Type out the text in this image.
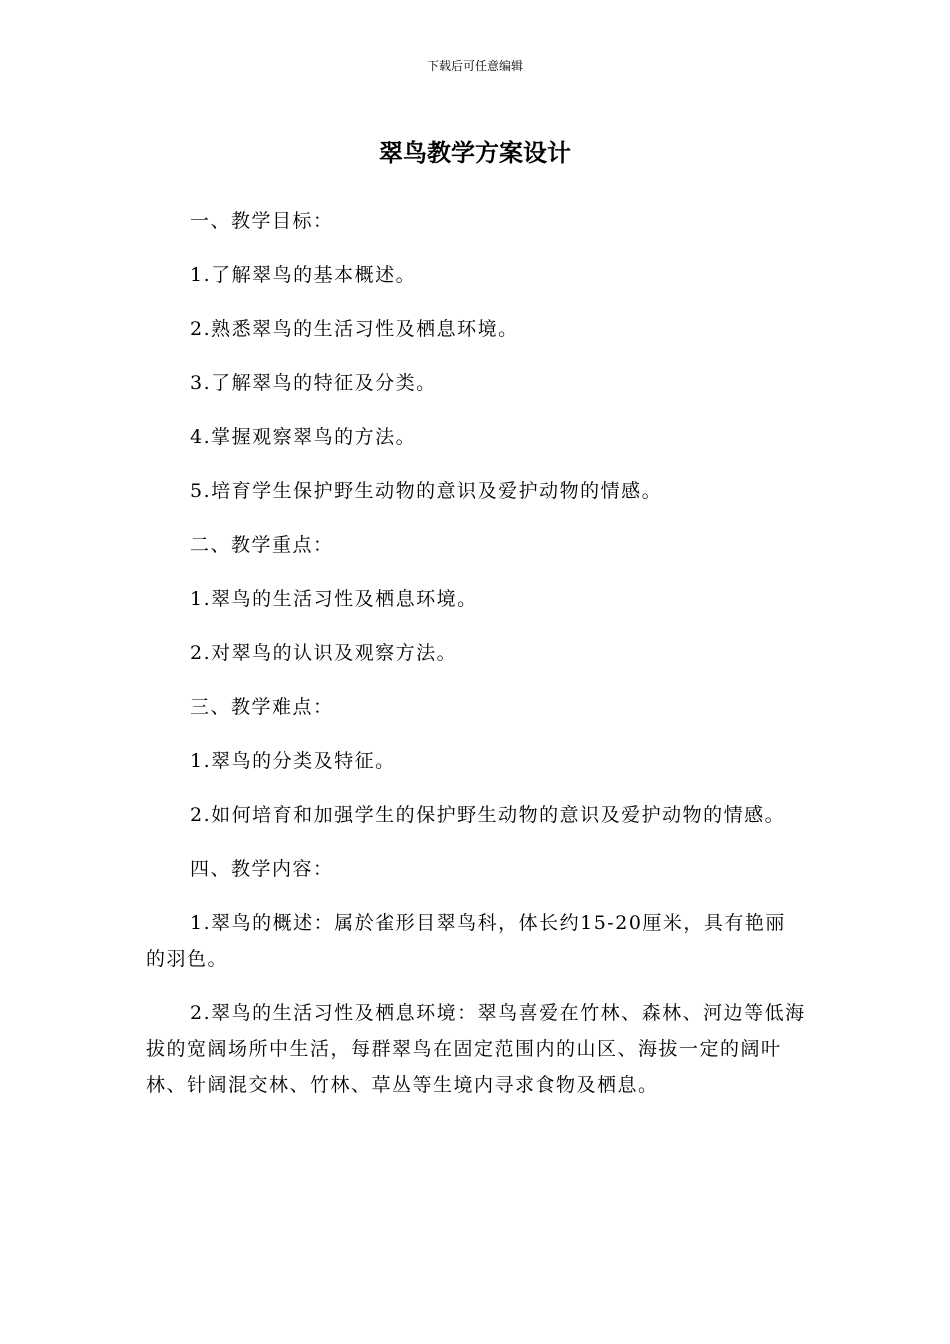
下载后可任意编辑
翠鸟教学方案设计

一、教学目标：

1.了解翠鸟的基本概述。

2.熟悉翠鸟的生活习性及栖息环境。

3.了解翠鸟的特征及分类。

4.掌握观察翠鸟的方法。

5.培育学生保护野生动物的意识及爱护动物的情感。

二、教学重点：

1.翠鸟的生活习性及栖息环境。

2.对翠鸟的认识及观察方法。

三、教学难点：

1.翠鸟的分类及特征。

2.如何培育和加强学生的保护野生动物的意识及爱护动物的情感。

四、教学内容：

1.翠鸟的概述：属於雀形目翠鸟科，体长约15-20厘米，具有艳丽的羽色。

2.翠鸟的生活习性及栖息环境：翠鸟喜爱在竹林、森林、河边等低海拔的宽阔场所中生活，每群翠鸟在固定范围内的山区、海拔一定的阔叶林、针阔混交林、竹林、草丛等生境内寻求食物及栖息。
